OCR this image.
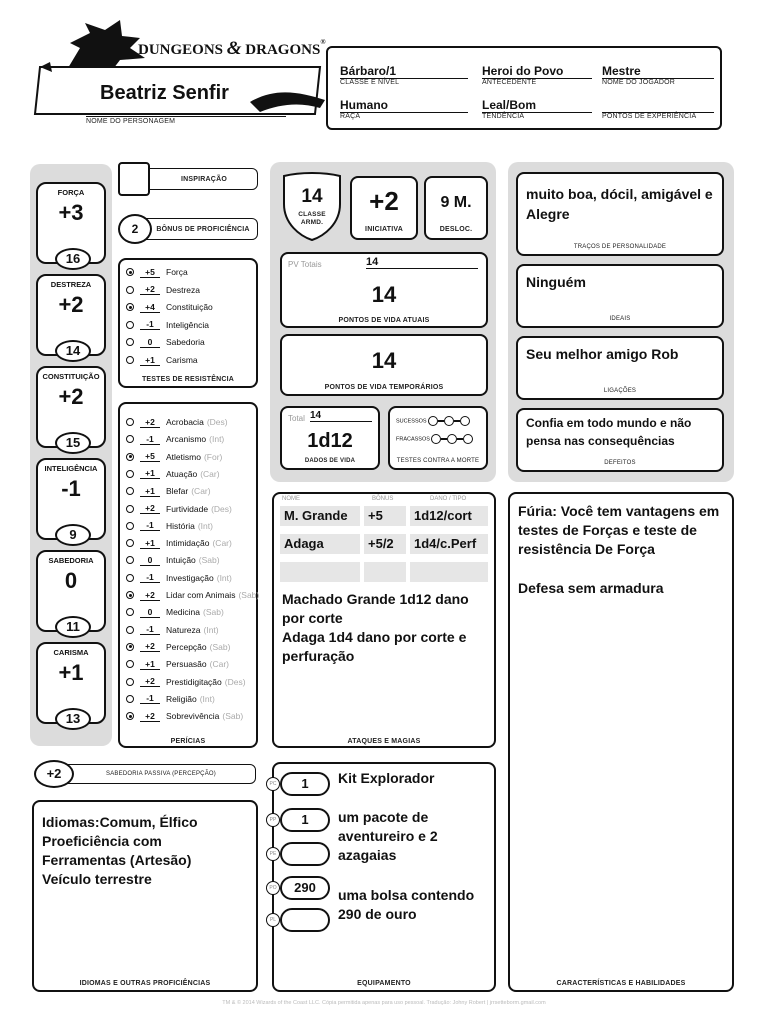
DUNGEONS & DRAGONS®
Beatriz Senfir
NOME DO PERSONAGEM
Bárbaro/1
CLASSE E NÍVEL
Heroi do Povo
ANTECEDENTE
Mestre
NOME DO JOGADOR
Humano
RAÇA
Leal/Bom
TENDÊNCIA	PONTOS DE EXPERIÊNCIA
FORÇA
+3
16
DESTREZA
+2
14
CONSTITUIÇÃO
+2
15
INTELIGÊNCIA
-1
9
SABEDORIA
0
11
CARISMA
+1
13
INSPIRAÇÃO
BÔNUS DE PROFICIÊNCIA
2
+5	Força
+2	Destreza
+4	Constituição
-1	Inteligência
0	Sabedoria
+1	Carisma
TESTES DE RESISTÊNCIA
+2	Acrobacia (Des)
-1	Arcanismo (Int)
+5	Atletismo (For)
+1	Atuação (Car)
+1	Blefar (Car)
+2	Furtividade (Des)
-1	História (Int)
+1	Intimidação (Car)
0	Intuição (Sab)
-1	Investigação (Int)
+2	Lidar com Animais (Sab)
0	Medicina (Sab)
-1	Natureza (Int)
+2	Percepção (Sab)
+1	Persuasão (Car)
+2	Prestidigitação (Des)
-1	Religião (Int)
+2	Sobrevivência (Sab)
PERÍCIAS
14
CLASSE
ARMD.
+2
INICIATIVA
9 M.
DESLOC.
PV Totais	14
14
PONTOS DE VIDA ATUAIS
14
PONTOS DE VIDA TEMPORÁRIOS
Total 14
1d12
DADOS DE VIDA
SUCESSOS
FRACASSOS
TESTES CONTRA A MORTE
muito boa, dócil, amigável e Alegre
TRAÇOS DE PERSONALIDADE
Ninguém
IDEAIS
Seu melhor amigo Rob
LIGAÇÕES
Confia em todo mundo e não pensa nas consequências
DEFEITOS
NOME	BÔNUS	DANO / TIPO
M. Grande	+5	1d12/cort
Adaga	+5/2	1d4/c.Perf
Machado Grande 1d12 dano por corte
Adaga 1d4 dano por corte e perfuração
ATAQUES E MAGIAS
Fúria: Você tem vantagens em testes de Forças e teste de resistência De Força
Defesa sem armadura
CARACTERÍSTICAS E HABILIDADES
SABEDORIA PASSIVA (PERCEPÇÃO)
+2
Idiomas:Comum, Élfico
Proeficiência com
Ferramentas (Artesão)
Veículo terrestre
IDIOMAS E OUTRAS PROFICIÊNCIAS
PC	1
PP	1
PE
PO	290
PL
Kit Explorador
um pacote de aventureiro e 2 azagaias
uma bolsa contendo 290 de ouro
EQUIPAMENTO
TM & © 2014 Wizards of the Coast LLC. Cópia permitida apenas para uso pessoal. Tradução: Johny Robert | jrrsetteborm.gmail.com
